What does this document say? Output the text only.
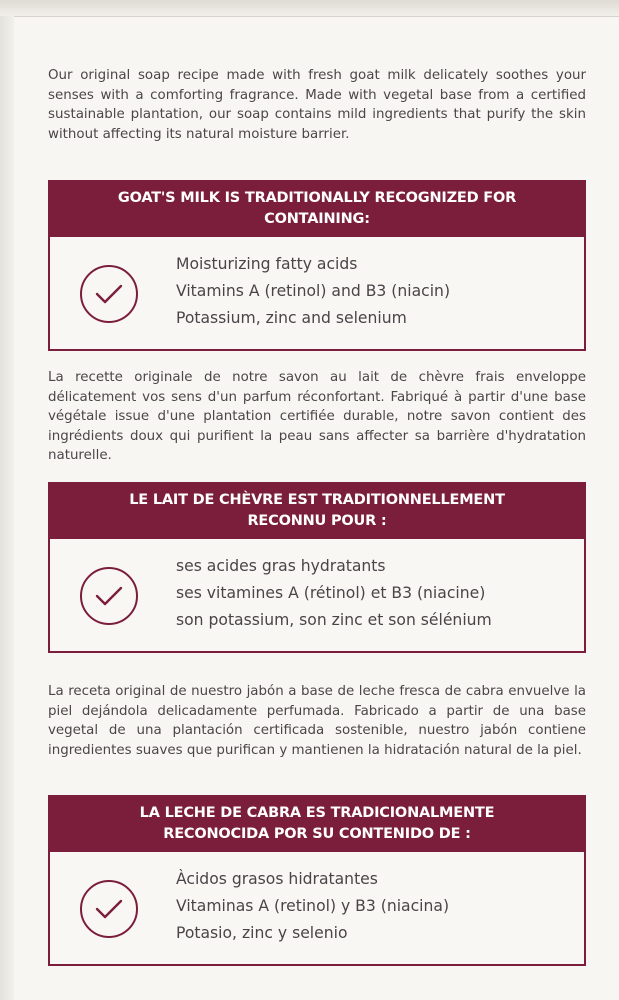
Our original soap recipe made with fresh goat milk delicately soothes your senses with a comforting fragrance. Made with vegetal base from a certified sustainable plantation, our soap contains mild ingredients that purify the skin without affecting its natural moisture barrier.

GOAT'S MILK IS TRADITIONALLY RECOGNIZED FOR CONTAINING:
Moisturizing fatty acids
Vitamins A (retinol) and B3 (niacin)
Potassium, zinc and selenium

La recette originale de notre savon au lait de chèvre frais enveloppe délicatement vos sens d'un parfum réconfortant. Fabriqué à partir d'une base végétale issue d'une plantation certifiée durable, notre savon contient des ingrédients doux qui purifient la peau sans affecter sa barrière d'hydratation naturelle.

LE LAIT DE CHÈVRE EST TRADITIONNELLEMENT RECONNU POUR :
ses acides gras hydratants
ses vitamines A (rétinol) et B3 (niacine)
son potassium, son zinc et son sélénium

La receta original de nuestro jabón a base de leche fresca de cabra envuelve la piel dejándola delicadamente perfumada. Fabricado a partir de una base vegetal de una plantación certificada sostenible, nuestro jabón contiene ingredientes suaves que purifican y mantienen la hidratación natural de la piel.

LA LECHE DE CABRA ES TRADICIONALMENTE RECONOCIDA POR SU CONTENIDO DE :
Àcidos grasos hidratantes
Vitaminas A (retinol) y B3 (niacina)
Potasio, zinc y selenio
